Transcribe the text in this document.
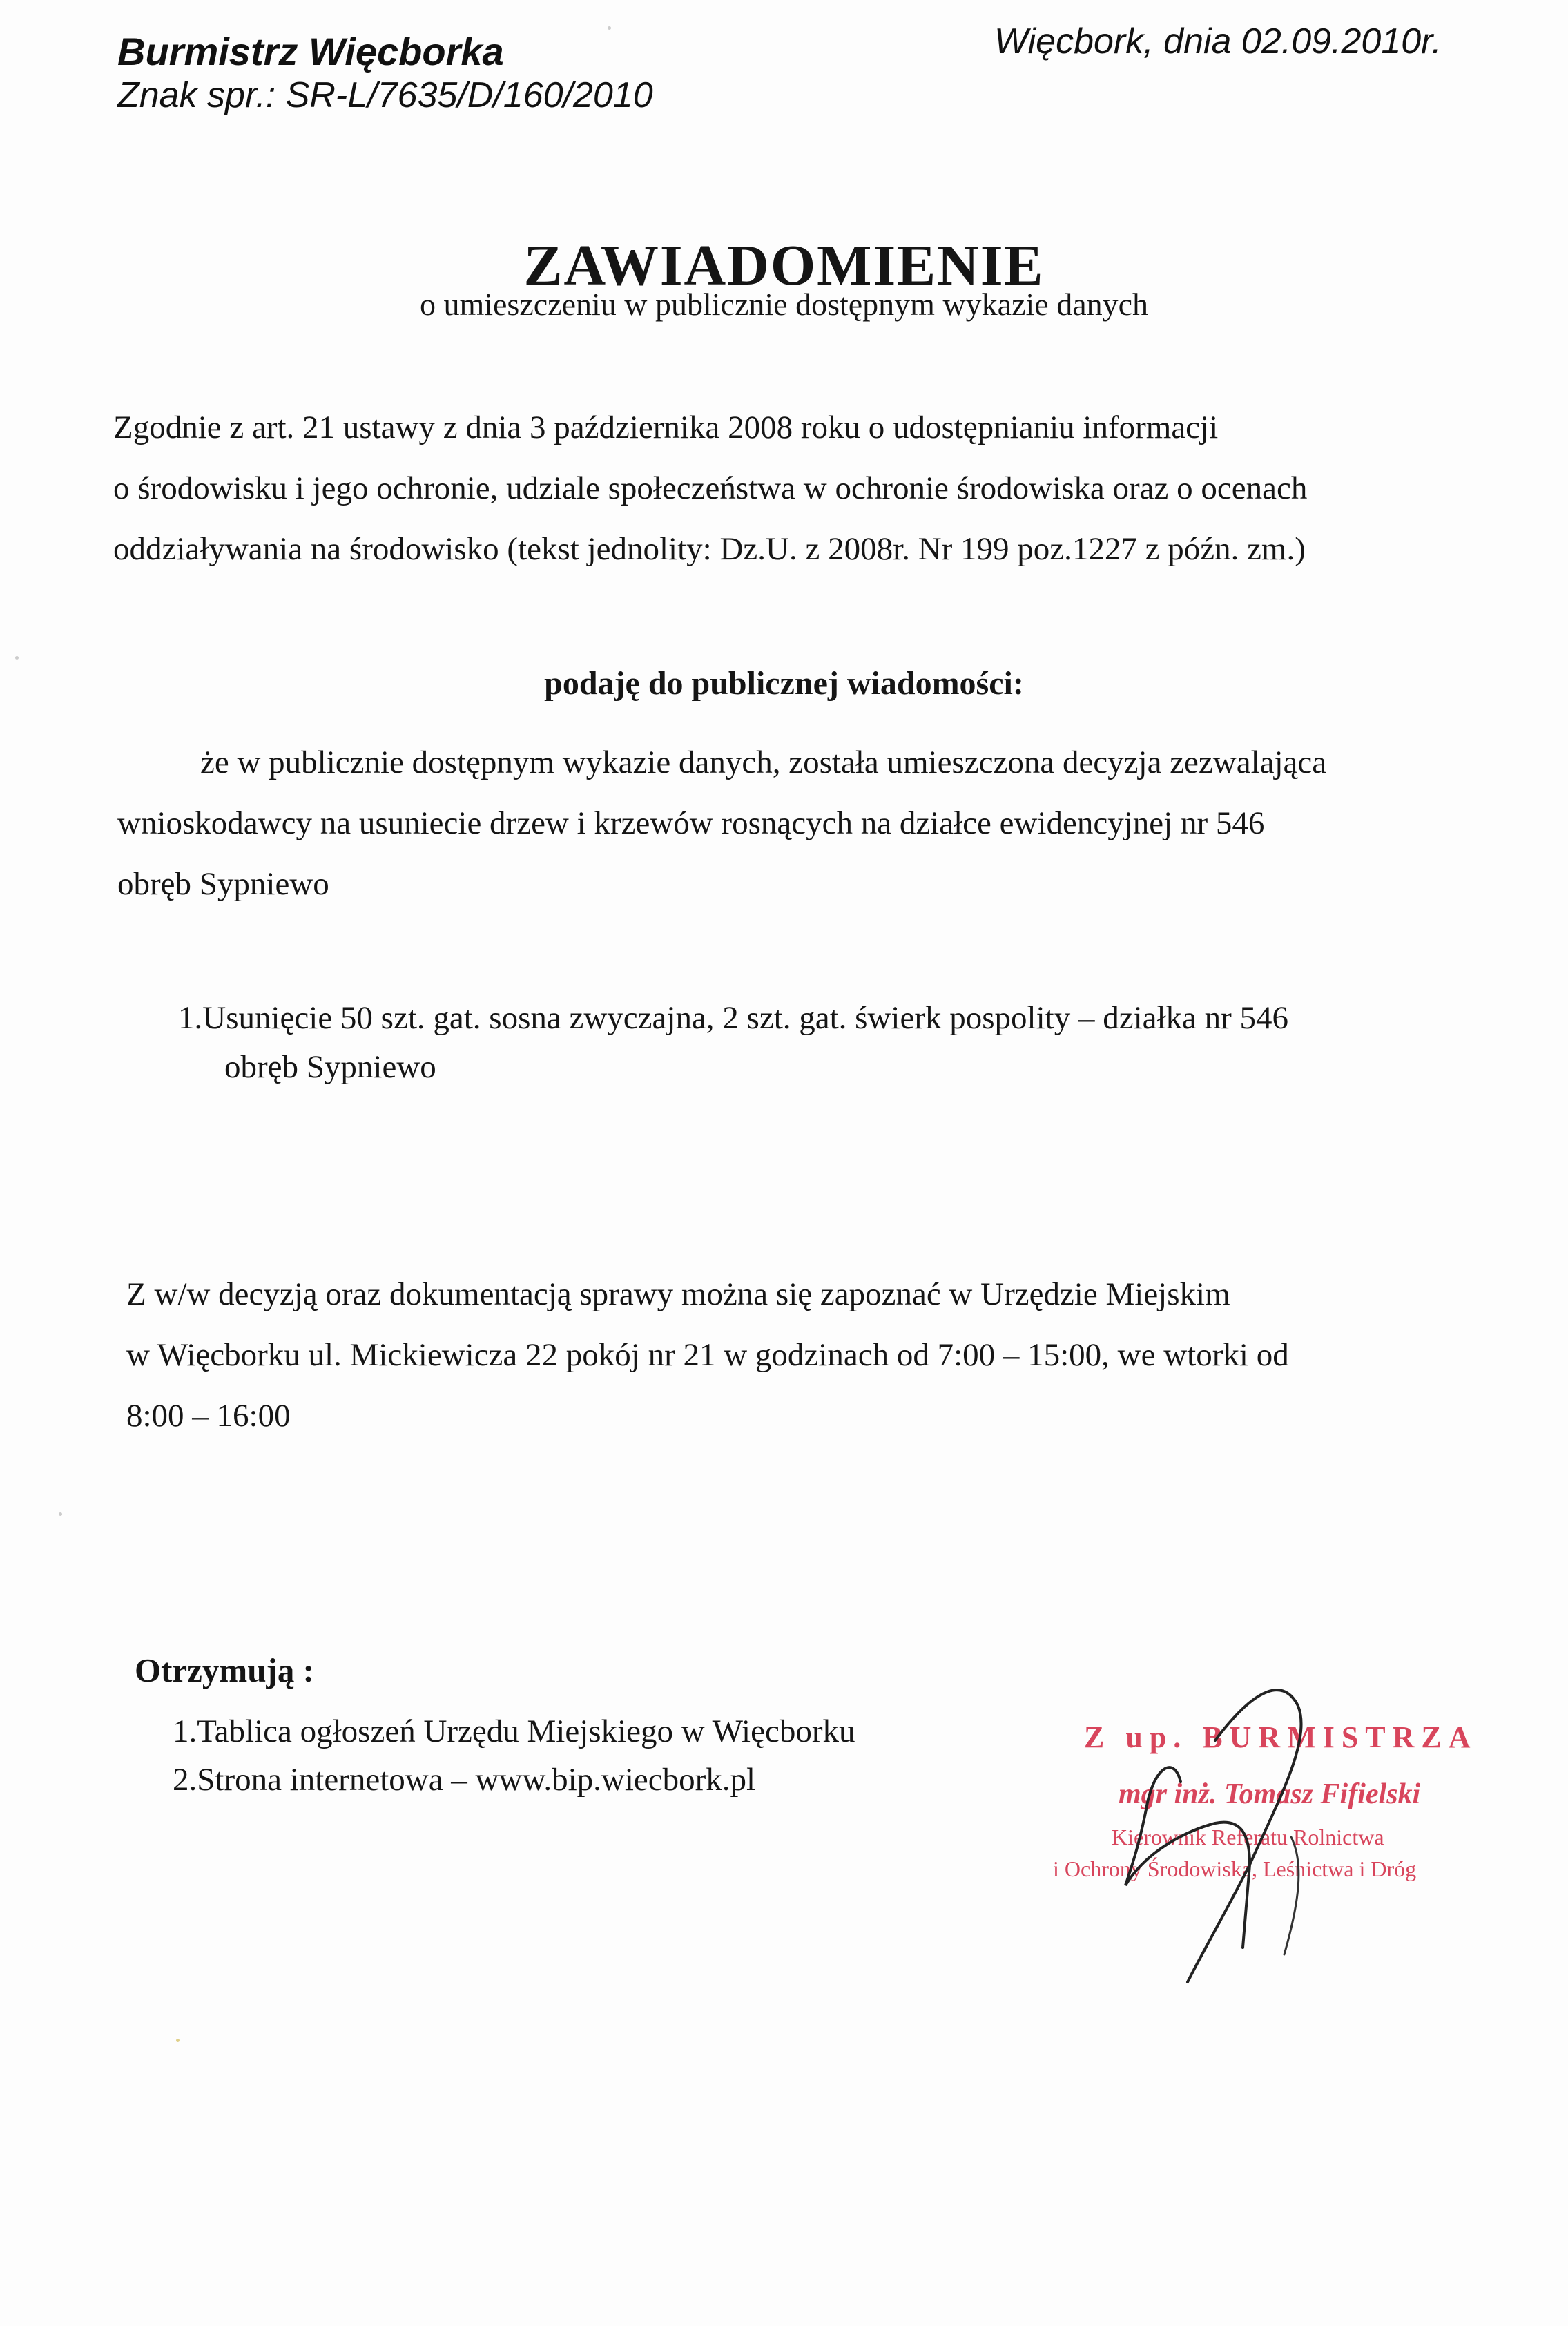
Burmistrz Więcborka
Znak spr.: SR-L/7635/D/160/2010
Więcbork, dnia 02.09.2010r.
ZAWIADOMIENIE
o umieszczeniu w publicznie dostępnym wykazie danych
Zgodnie z art. 21 ustawy z dnia 3 października 2008 roku o udostępnianiu informacji
o środowisku i jego ochronie, udziale społeczeństwa w ochronie środowiska oraz o ocenach
oddziaływania na środowisko (tekst jednolity: Dz.U. z 2008r. Nr 199 poz.1227 z późn. zm.)
podaję do publicznej wiadomości:
że w publicznie dostępnym wykazie danych, została umieszczona decyzja zezwalająca
wnioskodawcy na usuniecie drzew i krzewów rosnących na działce ewidencyjnej nr 546
obręb Sypniewo
1.Usunięcie 50 szt. gat. sosna zwyczajna, 2 szt. gat. świerk pospolity – działka nr 546
obręb Sypniewo
Z w/w decyzją oraz dokumentacją sprawy można się zapoznać w Urzędzie Miejskim
w Więcborku ul. Mickiewicza 22 pokój nr 21 w godzinach od 7:00 – 15:00, we wtorki od
8:00 – 16:00
Otrzymują :
1.Tablica ogłoszeń Urzędu Miejskiego w Więcborku
2.Strona internetowa – www.bip.wiecbork.pl
Z up. BURMISTRZA
mgr inż. Tomasz Fifielski
Kierownik Referatu Rolnictwa
i Ochrony Środowiska, Leśnictwa i Dróg
